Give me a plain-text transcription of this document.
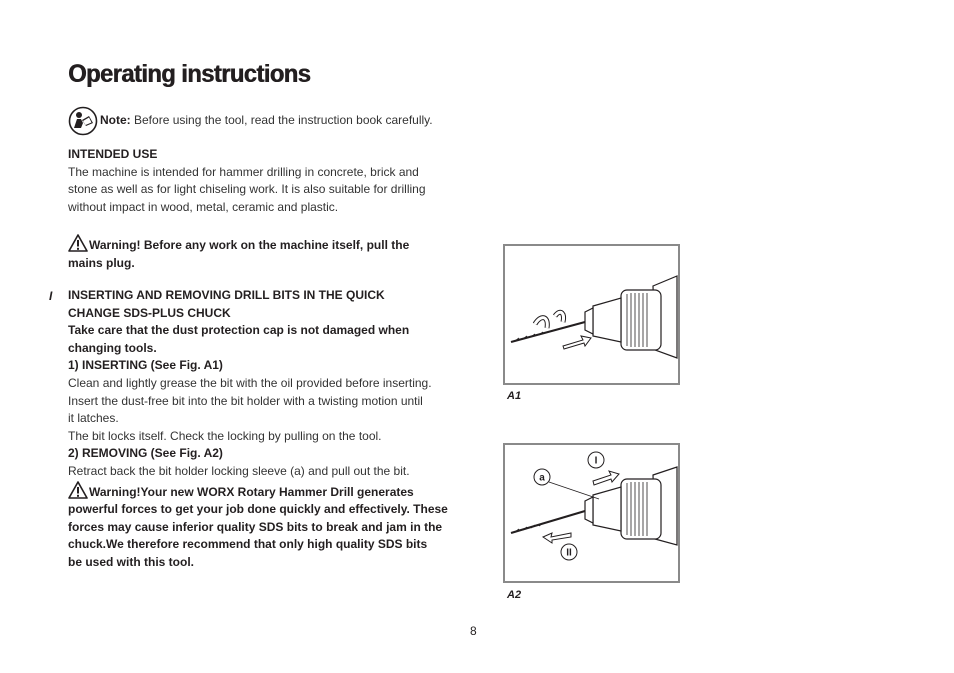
Operating instructions
Note: Before using the tool, read the instruction book carefully.
INTENDED USE
The machine is intended for hammer drilling in concrete, brick and
stone as well as for light chiseling work. It is also suitable for drilling
without impact in wood, metal, ceramic and plastic.
Warning! Before any work on the machine itself, pull the
mains plug.
I INSERTING AND REMOVING DRILL BITS IN THE QUICK
CHANGE SDS-PLUS CHUCK
Take care that the dust protection cap is not damaged when
changing tools.
1) INSERTING (See Fig. A1)
Clean and lightly grease the bit with the oil provided before inserting.
Insert the dust-free bit into the bit holder with a twisting motion until
it latches.
The bit locks itself. Check the locking by pulling on the tool.
2) REMOVING (See Fig. A2)
Retract back the bit holder locking sleeve (a) and pull out the bit.
Warning!Your new WORX Rotary Hammer Drill generates
powerful forces to get your job done quickly and effectively. These
forces may cause inferior quality SDS bits to break and jam in the
chuck.We therefore recommend that only high quality SDS bits
be used with this tool.
A1
a
I
II
A2
8
